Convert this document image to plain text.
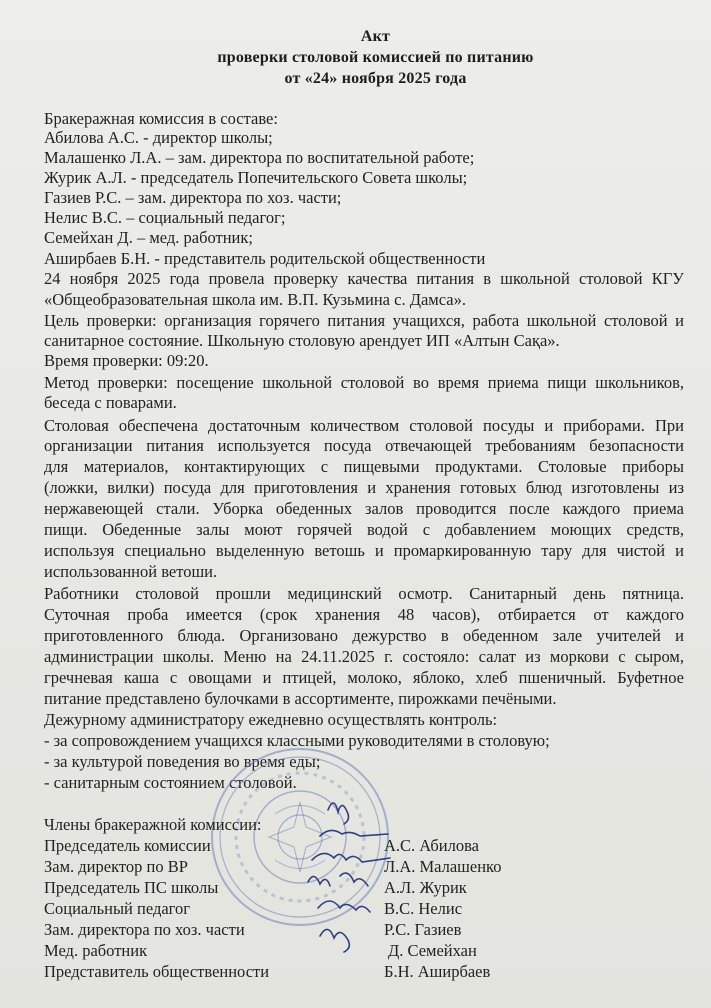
Акт
проверки столовой комиссией по питанию
от «24» ноября 2025 года
Бракеражная комиссия в составе:
Абилова А.С. - директор школы;
Малашенко Л.А. – зам. директора по воспитательной работе;
Журик А.Л. - председатель Попечительского Совета школы;
Газиев Р.С. – зам. директора по хоз. части;
Нелис В.С. – социальный педагог;
Семейхан Д. – мед. работник;
Аширбаев Б.Н. - представитель родительской общественности
24 ноября 2025 года провела проверку качества питания в школьной столовой КГУ
«Общеобразовательная школа им. В.П. Кузьмина с. Дамса».
Цель проверки: организация горячего питания учащихся, работа школьной столовой и
санитарное состояние. Школьную столовую арендует ИП «Алтын Сақа».
Время проверки: 09:20.
Метод проверки: посещение школьной столовой во время приема пищи школьников,
беседа с поварами.
Столовая обеспечена достаточным количеством столовой посуды и приборами. При
организации питания используется посуда отвечающей требованиям безопасности
для материалов, контактирующих с пищевыми продуктами. Столовые приборы
(ложки, вилки) посуда для приготовления и хранения готовых блюд изготовлены из
нержавеющей стали. Уборка обеденных залов проводится после каждого приема
пищи. Обеденные залы моют горячей водой с добавлением моющих средств,
используя специально выделенную ветошь и промаркированную тару для чистой и
использованной ветоши.
Работники столовой прошли медицинский осмотр. Санитарный день пятница.
Суточная проба имеется (срок хранения 48 часов), отбирается от каждого
приготовленного блюда. Организовано дежурство в обеденном зале учителей и
администрации школы. Меню на 24.11.2025 г. состояло: салат из моркови с сыром,
гречневая каша с овощами и птицей, молоко, яблоко, хлеб пшеничный. Буфетное
питание представлено булочками в ассортименте, пирожками печёными.
Дежурному администратору ежедневно осуществлять контроль:
- за сопровождением учащихся классными руководителями в столовую;
- за культурой поведения во время еды;
- санитарным состоянием столовой.
Члены бракеражной комиссии:
Председатель комиссии	А.С. Абилова
Зам. директор по ВР	Л.А. Малашенко
Председатель ПС школы	А.Л. Журик
Социальный педагог	В.С. Нелис
Зам. директора по хоз. части	Р.С. Газиев
Мед. работник	Д. Семейхан
Представитель общественности	Б.Н. Аширбаев
